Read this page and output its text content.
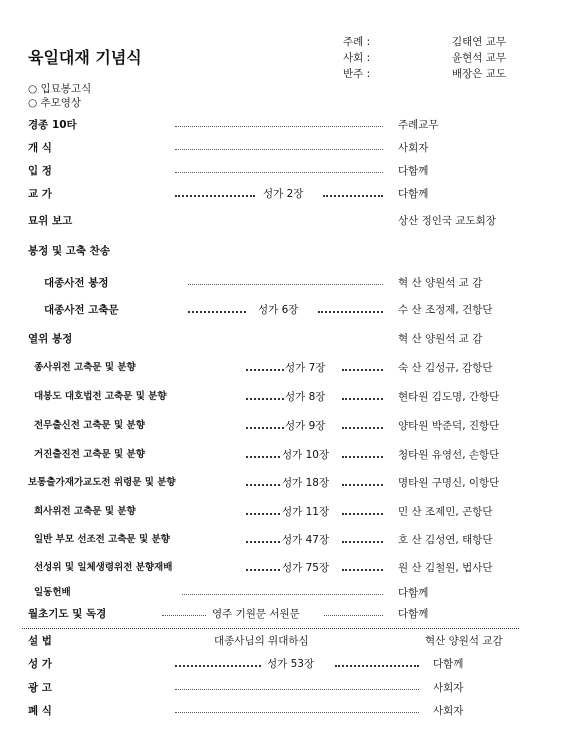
육일대재 기념식
주례 :	김태연 교무
사회 :	윤현석 교무
반주 :	배장은 교도
○ 입묘봉고식
○ 추모영상
경종 10타	주례교무
개 식	사회자
입 정	다함께
교 가	성가 2장	다함께
묘위 보고	상산 정인국 교도회장
봉정 및 고축 찬송
대종사전 봉정	혁 산 양원석 교 감
대종사전 고축문	성가 6장	수 산 조정제, 건항단
열위 봉정	혁 산 양원석 교 감
종사위전 고축문 및 분향	성가 7장	숙 산 김성규, 감항단
대봉도 대호법전 고축문 및 분향	성가 8장	현타원 김도명, 간항단
전무출신전 고축문 및 분향	성가 9장	양타원 박준덕, 진항단
거진출진전 고축문 및 분향	성가 10장	청타원 유영선, 손항단
보통출가재가교도전 위령문 및 분향	성가 18장	명타원 구명신, 이항단
희사위전 고축문 및 분향	성가 11장	민 산 조제민, 곤항단
일반 부모 선조전 고축문 및 분향	성가 47장	호 산 김성연, 태항단
선성위 및 일체생령위전 분향재배	성가 75장	원 산 김철원, 법사단
일동헌배	다함께
월초기도 및 독경	영주 기원문 서원문	다함께
설 법	대종사님의 위대하심	혁산 양원석 교감
성 가	성가 53장	다함께
광 고	사회자
폐 식	사회자
